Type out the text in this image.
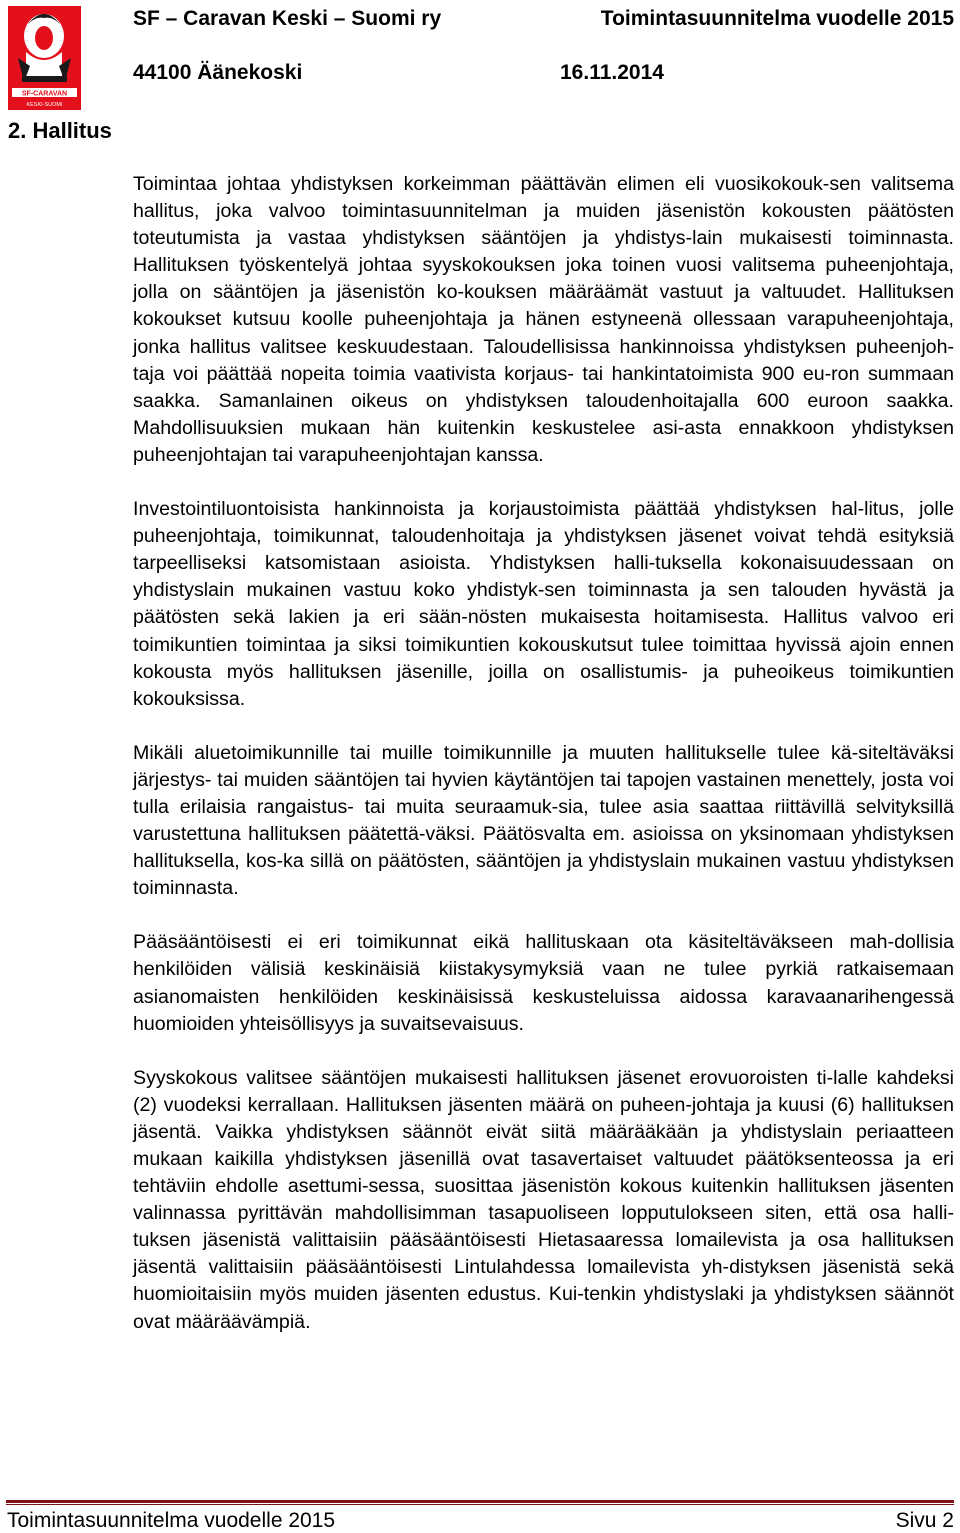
SF-CARAVAN
KESKI-SUOMI
SF – Caravan Keski – Suomi ry	Toimintasuunnitelma vuodelle 2015
44100 Äänekoski	16.11.2014
2. Hallitus

Toimintaa johtaa yhdistyksen korkeimman päättävän elimen eli vuosikokouk-sen valitsema hallitus, joka valvoo toimintasuunnitelman ja muiden jäsenistön kokousten päätösten toteutumista ja vastaa yhdistyksen sääntöjen ja yhdistys-lain mukaisesti toiminnasta. Hallituksen työskentelyä johtaa syyskokouksen joka toinen vuosi valitsema puheenjohtaja, jolla on sääntöjen ja jäsenistön ko-kouksen määräämät vastuut ja valtuudet. Hallituksen kokoukset kutsuu koolle puheenjohtaja ja hänen estyneenä ollessaan varapuheenjohtaja, jonka hallitus valitsee keskuudestaan. Taloudellisissa hankinnoissa yhdistyksen puheenjoh-taja voi päättää nopeita toimia vaativista korjaus- tai hankintatoimista 900 eu-ron summaan saakka. Samanlainen oikeus on yhdistyksen taloudenhoitajalla 600 euroon saakka. Mahdollisuuksien mukaan hän kuitenkin keskustelee asi-asta ennakkoon yhdistyksen puheenjohtajan tai varapuheenjohtajan kanssa.

Investointiluontoisista hankinnoista ja korjaustoimista päättää yhdistyksen hal-litus, jolle puheenjohtaja, toimikunnat, taloudenhoitaja ja yhdistyksen jäsenet voivat tehdä esityksiä tarpeelliseksi katsomistaan asioista. Yhdistyksen halli-tuksella kokonaisuudessaan on yhdistyslain mukainen vastuu koko yhdistyk-sen toiminnasta ja sen talouden hyvästä ja päätösten sekä lakien ja eri sään-nösten mukaisesta hoitamisesta. Hallitus valvoo eri toimikuntien toimintaa ja siksi toimikuntien kokouskutsut tulee toimittaa hyvissä ajoin ennen kokousta myös hallituksen jäsenille, joilla on osallistumis- ja puheoikeus toimikuntien kokouksissa.

Mikäli aluetoimikunnille tai muille toimikunnille ja muuten hallitukselle tulee kä-siteltäväksi järjestys- tai muiden sääntöjen tai hyvien käytäntöjen tai tapojen vastainen menettely, josta voi tulla erilaisia rangaistus- tai muita seuraamuk-sia, tulee asia saattaa riittävillä selvityksillä varustettuna hallituksen päätettä-väksi. Päätösvalta em. asioissa on yksinomaan yhdistyksen hallituksella, kos-ka sillä on päätösten, sääntöjen ja yhdistyslain mukainen vastuu yhdistyksen toiminnasta.

Pääsääntöisesti ei eri toimikunnat eikä hallituskaan ota käsiteltäväkseen mah-dollisia henkilöiden välisiä keskinäisiä kiistakysymyksiä vaan ne tulee pyrkiä ratkaisemaan asianomaisten henkilöiden keskinäisissä keskusteluissa aidossa karavaanarihengessä huomioiden yhteisöllisyys ja suvaitsevaisuus.

Syyskokous valitsee sääntöjen mukaisesti hallituksen jäsenet erovuoroisten ti-lalle kahdeksi (2) vuodeksi kerrallaan. Hallituksen jäsenten määrä on puheen-johtaja ja kuusi (6) hallituksen jäsentä. Vaikka yhdistyksen säännöt eivät siitä määrääkään ja yhdistyslain periaatteen mukaan kaikilla yhdistyksen jäsenillä ovat tasavertaiset valtuudet päätöksenteossa ja eri tehtäviin ehdolle asettumi-sessa, suosittaa jäsenistön kokous kuitenkin hallituksen jäsenten valinnassa pyrittävän mahdollisimman tasapuoliseen lopputulokseen siten, että osa halli-tuksen jäsenistä valittaisiin pääsääntöisesti Hietasaaressa lomailevista ja osa hallituksen jäsentä valittaisiin pääsääntöisesti Lintulahdessa lomailevista yh-distyksen jäsenistä sekä huomioitaisiin myös muiden jäsenten edustus. Kui-tenkin yhdistyslaki ja yhdistyksen säännöt ovat määräävämpiä.

Toimintasuunnitelma vuodelle 2015	Sivu 2
